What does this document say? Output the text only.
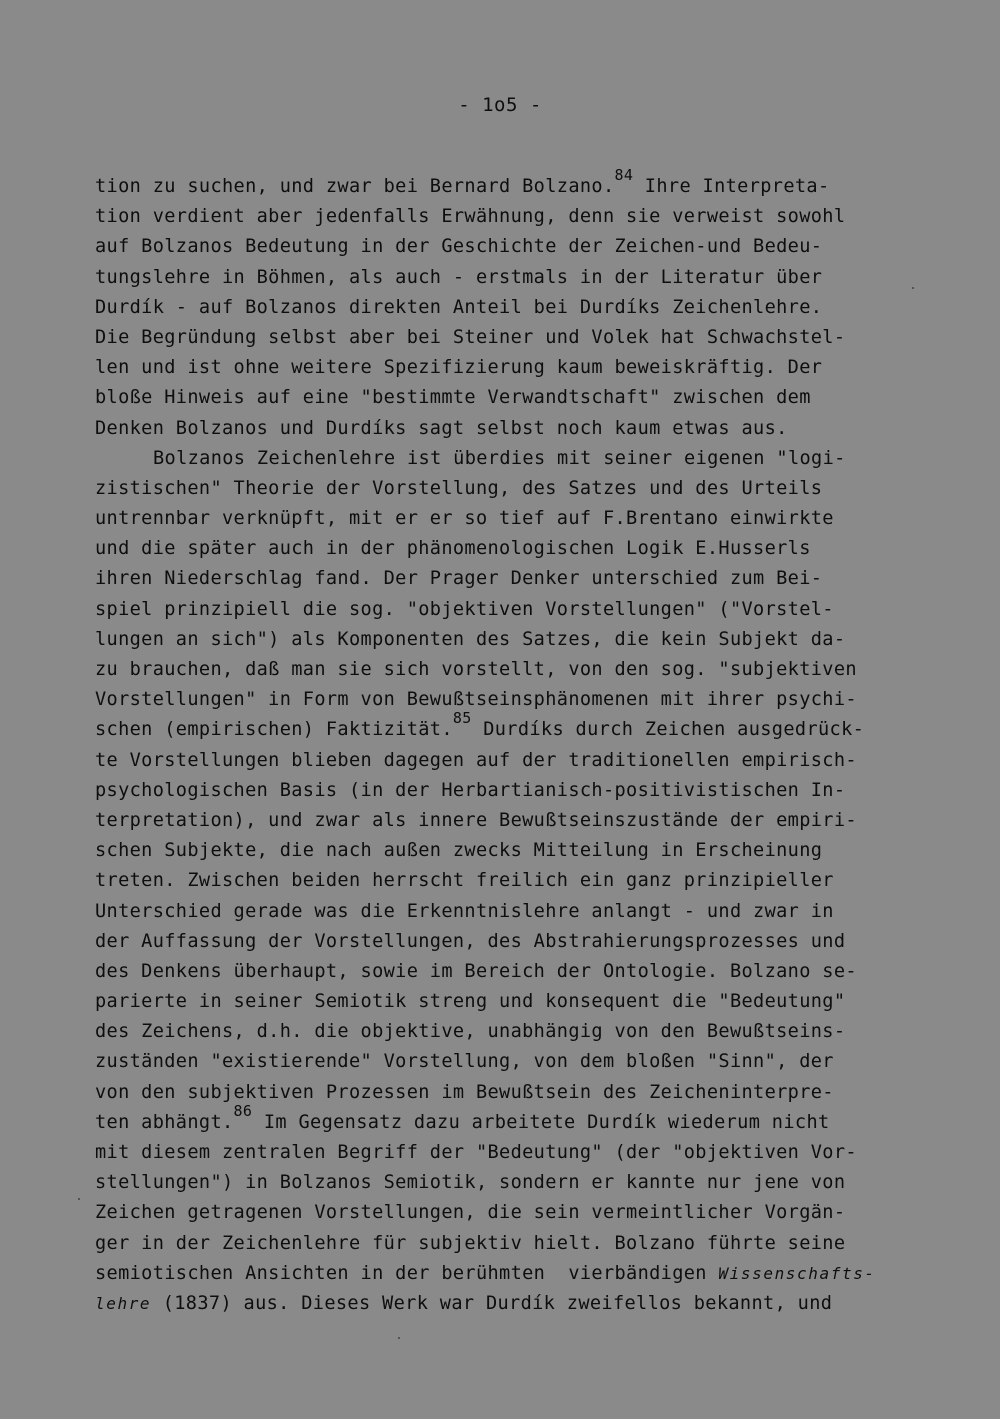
- 1o5 -
tion zu suchen, und zwar bei Bernard Bolzano.$^{84}$ Ihre Interpreta-
tion verdient aber jedenfalls Erwähnung, denn sie verweist sowohl
auf Bolzanos Bedeutung in der Geschichte der Zeichen-und Bedeu-
tungslehre in Böhmen, als auch - erstmals in der Literatur über
Durdík - auf Bolzanos direkten Anteil bei Durdíks Zeichenlehre.
Die Begründung selbst aber bei Steiner und Volek hat Schwachstel-
len und ist ohne weitere Spezifizierung kaum beweiskräftig. Der
bloße Hinweis auf eine "bestimmte Verwandtschaft" zwischen dem
Denken Bolzanos und Durdíks sagt selbst noch kaum etwas aus.
Bolzanos Zeichenlehre ist überdies mit seiner eigenen "logi-
zistischen" Theorie der Vorstellung, des Satzes und des Urteils
untrennbar verknüpft, mit er er so tief auf F.Brentano einwirkte
und die später auch in der phänomenologischen Logik E.Husserls
ihren Niederschlag fand. Der Prager Denker unterschied zum Bei-
spiel prinzipiell die sog. "objektiven Vorstellungen" ("Vorstel-
lungen an sich") als Komponenten des Satzes, die kein Subjekt da-
zu brauchen, daß man sie sich vorstellt, von den sog. "subjektiven
Vorstellungen" in Form von Bewußtseinsphänomenen mit ihrer psychi-
schen (empirischen) Faktizität.$^{85}$ Durdíks durch Zeichen ausgedrück-
te Vorstellungen blieben dagegen auf der traditionellen empirisch-
psychologischen Basis (in der Herbartianisch-positivistischen In-
terpretation), und zwar als innere Bewußtseinszustände der empiri-
schen Subjekte, die nach außen zwecks Mitteilung in Erscheinung
treten. Zwischen beiden herrscht freilich ein ganz prinzipieller
Unterschied gerade was die Erkenntnislehre anlangt - und zwar in
der Auffassung der Vorstellungen, des Abstrahierungsprozesses und
des Denkens überhaupt, sowie im Bereich der Ontologie. Bolzano se-
parierte in seiner Semiotik streng und konsequent die "Bedeutung"
des Zeichens, d.h. die objektive, unabhängig von den Bewußtseins-
zuständen "existierende" Vorstellung, von dem bloßen "Sinn", der
von den subjektiven Prozessen im Bewußtsein des Zeicheninterpre-
ten abhängt.$^{86}$ Im Gegensatz dazu arbeitete Durdík wiederum nicht
mit diesem zentralen Begriff der "Bedeutung" (der "objektiven Vor-
stellungen") in Bolzanos Semiotik, sondern er kannte nur jene von
Zeichen getragenen Vorstellungen, die sein vermeintlicher Vorgän-
ger in der Zeichenlehre für subjektiv hielt. Bolzano führte seine
semiotischen Ansichten in der berühmten  vierbändigen Wissenschafts-
lehre (1837) aus. Dieses Werk war Durdík zweifellos bekannt, und
